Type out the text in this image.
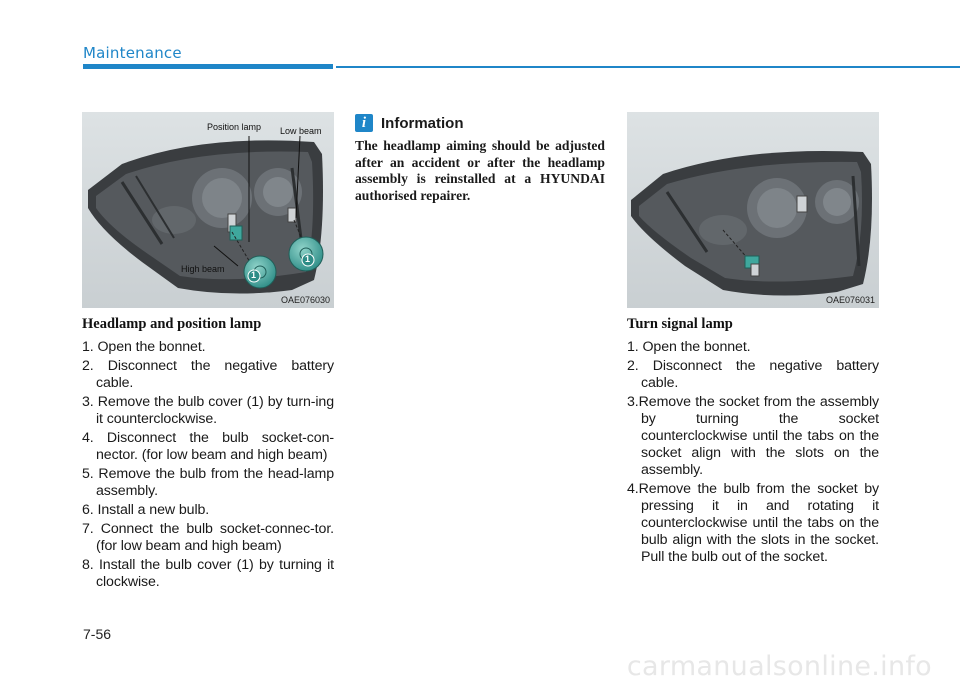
Maintenance
Position lamp Low beam
High beam
1
1
OAE076030
i Information

The headlamp aiming should be adjusted after an accident or after the headlamp assembly is reinstalled at a HYUNDAI authorised repairer.

OAE076031
Headlamp and position lamp
1. Open the bonnet.
2. Disconnect the negative battery cable.
3. Remove the bulb cover (1) by turn-ing it counterclockwise.
4. Disconnect the bulb socket-con-nector. (for low beam and high beam)
5. Remove the bulb from the head-lamp assembly.
6. Install a new bulb.
7. Connect the bulb socket-connec-tor. (for low beam and high beam)
8. Install the bulb cover (1) by turning it clockwise.
Turn signal lamp
1. Open the bonnet.
2. Disconnect the negative battery cable.
3.Remove the socket from the assembly by turning the socket counterclockwise until the tabs on the socket align with the slots on the assembly.
4.Remove the bulb from the socket by pressing it in and rotating it counterclockwise until the tabs on the bulb align with the slots in the socket. Pull the bulb out of the socket.
7-56
carmanualsonline.info
